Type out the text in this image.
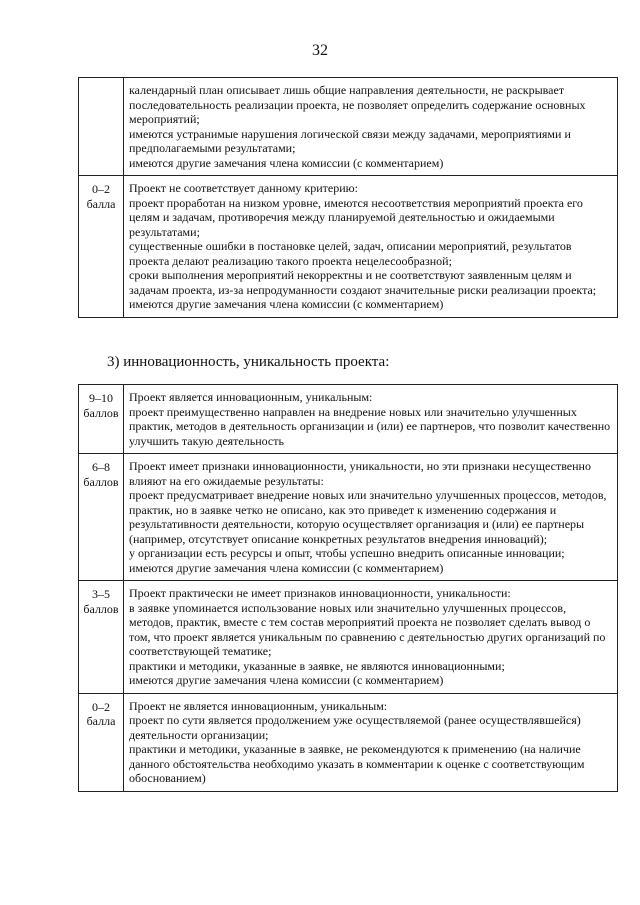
32

	календарный план описывает лишь общие направления деятельности, не раскрывает последовательность реализации проекта, не позволяет определить содержание основных мероприятий;
имеются устранимые нарушения логической связи между задачами, мероприятиями и предполагаемыми результатами;
имеются другие замечания члена комиссии (с комментарием)

0–2
балла	Проект не соответствует данному критерию:
проект проработан на низком уровне, имеются несоответствия мероприятий проекта его целям и задачам, противоречия между планируемой деятельностью и ожидаемыми результатами;
существенные ошибки в постановке целей, задач, описании мероприятий, результатов проекта делают реализацию такого проекта нецелесообразной;
сроки выполнения мероприятий некорректны и не соответствуют заявленным целям и задачам проекта, из-за непродуманности создают значительные риски реализации проекта;
имеются другие замечания члена комиссии (с комментарием)
3) инновационность, уникальность проекта:
9–10
баллов	Проект является инновационным, уникальным:
проект преимущественно направлен на внедрение новых или значительно улучшенных практик, методов в деятельность организации и (или) ее партнеров, что позволит качественно улучшить такую деятельность

6–8
баллов	Проект имеет признаки инновационности, уникальности, но эти признаки несущественно влияют на его ожидаемые результаты:
проект предусматривает внедрение новых или значительно улучшенных процессов, методов, практик, но в заявке четко не описано, как это приведет к изменению содержания и результативности деятельности, которую осуществляет организация и (или) ее партнеры (например, отсутствует описание конкретных результатов внедрения инноваций);
у организации есть ресурсы и опыт, чтобы успешно внедрить описанные инновации;
имеются другие замечания члена комиссии (с комментарием)

3–5
баллов	Проект практически не имеет признаков инновационности, уникальности:
в заявке упоминается использование новых или значительно улучшенных процессов, методов, практик, вместе с тем состав мероприятий проекта не позволяет сделать вывод о том, что проект является уникальным по сравнению с деятельностью других организаций по соответствующей тематике;
практики и методики, указанные в заявке, не являются инновационными;
имеются другие замечания члена комиссии (с комментарием)

0–2
балла	Проект не является инновационным, уникальным:
проект по сути является продолжением уже осуществляемой (ранее осуществлявшейся) деятельности организации;
практики и методики, указанные в заявке, не рекомендуются к применению (на наличие данного обстоятельства необходимо указать в комментарии к оценке с соответствующим обоснованием)
